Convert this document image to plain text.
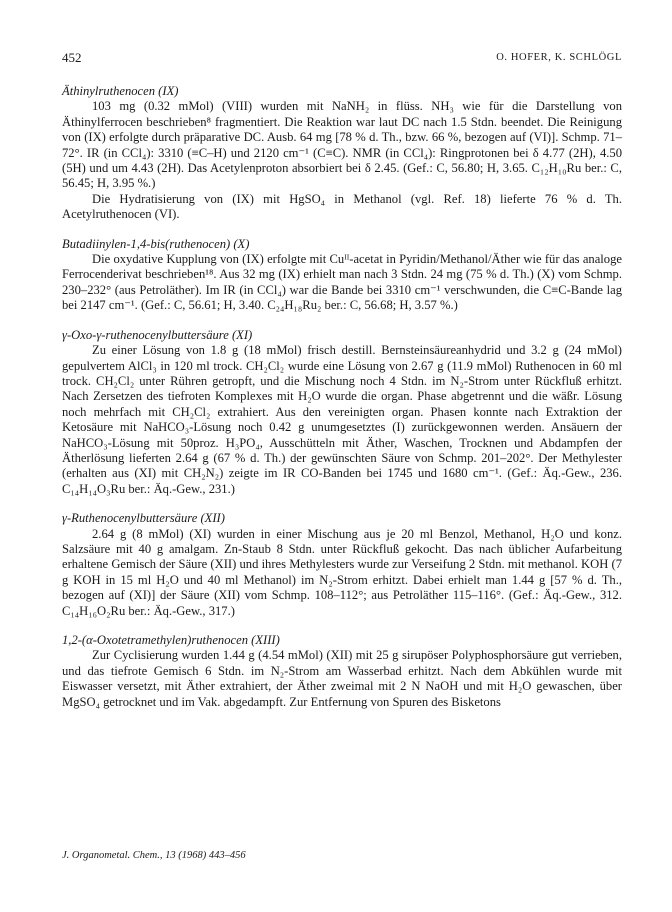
452	O. HOFER, K. SCHLÖGL

Äthinylruthenocen (IX)

103 mg (0.32 mMol) (VIII) wurden mit NaNH₂ in flüss. NH₃ wie für die Darstellung von Äthinylferrocen beschrieben⁸ fragmentiert. Die Reaktion war laut DC nach 1.5 Stdn. beendet. Die Reinigung von (IX) erfolgte durch präparative DC. Ausb. 64 mg [78 % d. Th., bzw. 66 %, bezogen auf (VI)]. Schmp. 71–72°. IR (in CCl₄): 3310 (≡C–H) und 2120 cm⁻¹ (C≡C). NMR (in CCl₄): Ringprotonen bei δ 4.77 (2H), 4.50 (5H) und um 4.43 (2H). Das Acetylenproton absorbiert bei δ 2.45. (Gef.: C, 56.80; H, 3.65. C₁₂H₁₀Ru ber.: C, 56.45; H, 3.95 %.)

Die Hydratisierung von (IX) mit HgSO₄ in Methanol (vgl. Ref. 18) lieferte 76 % d. Th. Acetylruthenocen (VI).

Butadiinylen-1,4-bis(ruthenocen) (X)

Die oxydative Kupplung von (IX) erfolgte mit Cuᴵᴵ-acetat in Pyridin/Methanol/Äther wie für das analoge Ferrocenderivat beschrieben¹⁸. Aus 32 mg (IX) erhielt man nach 3 Stdn. 24 mg (75 % d. Th.) (X) vom Schmp. 230–232° (aus Petroläther). Im IR (in CCl₄) war die Bande bei 3310 cm⁻¹ verschwunden, die C≡C-Bande lag bei 2147 cm⁻¹. (Gef.: C, 56.61; H, 3.40. C₂₄H₁₈Ru₂ ber.: C, 56.68; H, 3.57 %.)

γ-Oxo-γ-ruthenocenylbuttersäure (XI)

Zu einer Lösung von 1.8 g (18 mMol) frisch destill. Bernsteinsäureanhydrid und 3.2 g (24 mMol) gepulvertem AlCl₃ in 120 ml trock. CH₂Cl₂ wurde eine Lösung von 2.67 g (11.9 mMol) Ruthenocen in 60 ml trock. CH₂Cl₂ unter Rühren getropft, und die Mischung noch 4 Stdn. im N₂-Strom unter Rückfluß erhitzt. Nach Zersetzen des tiefroten Komplexes mit H₂O wurde die organ. Phase abgetrennt und die wäßr. Lösung noch mehrfach mit CH₂Cl₂ extrahiert. Aus den vereinigten organ. Phasen konnte nach Extraktion der Ketosäure mit NaHCO₃-Lösung noch 0.42 g unumgesetztes (I) zurückgewonnen werden. Ansäuern der NaHCO₃-Lösung mit 50proz. H₃PO₄, Ausschütteln mit Äther, Waschen, Trocknen und Abdampfen der Ätherlösung lieferten 2.64 g (67 % d. Th.) der gewünschten Säure von Schmp. 201–202°. Der Methylester (erhalten aus (XI) mit CH₂N₂) zeigte im IR CO-Banden bei 1745 und 1680 cm⁻¹. (Gef.: Äq.-Gew., 236. C₁₄H₁₄O₃Ru ber.: Äq.-Gew., 231.)

γ-Ruthenocenylbuttersäure (XII)

2.64 g (8 mMol) (XI) wurden in einer Mischung aus je 20 ml Benzol, Methanol, H₂O und konz. Salzsäure mit 40 g amalgam. Zn-Staub 8 Stdn. unter Rückfluß gekocht. Das nach üblicher Aufarbeitung erhaltene Gemisch der Säure (XII) und ihres Methylesters wurde zur Verseifung 2 Stdn. mit methanol. KOH (7 g KOH in 15 ml H₂O und 40 ml Methanol) im N₂-Strom erhitzt. Dabei erhielt man 1.44 g [57 % d. Th., bezogen auf (XI)] der Säure (XII) vom Schmp. 108–112°; aus Petroläther 115–116°. (Gef.: Äq.-Gew., 312. C₁₄H₁₆O₂Ru ber.: Äq.-Gew., 317.)

1,2-(α-Oxotetramethylen)ruthenocen (XIII)

Zur Cyclisierung wurden 1.44 g (4.54 mMol) (XII) mit 25 g sirupöser Polyphosphorsäure gut verrieben, und das tiefrote Gemisch 6 Stdn. im N₂-Strom am Wasserbad erhitzt. Nach dem Abkühlen wurde mit Eiswasser versetzt, mit Äther extrahiert, der Äther zweimal mit 2 N NaOH und mit H₂O gewaschen, über MgSO₄ getrocknet und im Vak. abgedampft. Zur Entfernung von Spuren des Bisketons

J. Organometal. Chem., 13 (1968) 443–456
